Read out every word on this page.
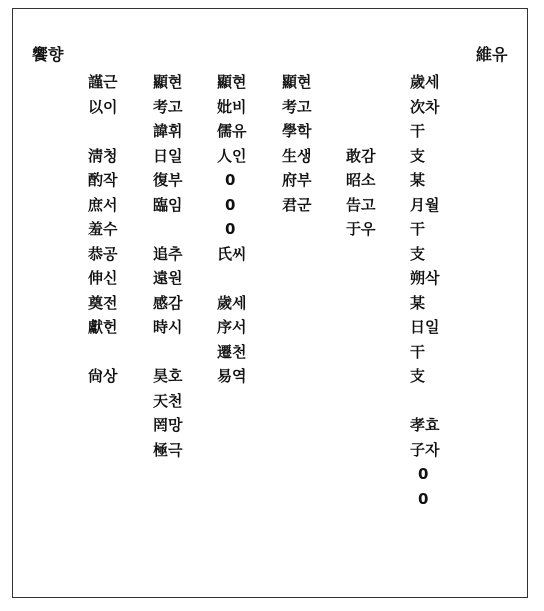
饗향	維유
謹근
以이
淸청
酌작
庶서
羞수
恭공
伸신
奠전
獻헌
尙상
顯현
考고
諱휘
日일
復부
臨임
追추
遠원
感감
時시
昊호
天천
罔망
極극
顯현
妣비
儒유
人인
0
0
0
氏씨
歲세
序서
遷천
易역
顯현
考고
學학
生생
府부
君군
敢감
昭소
告고
于우
歲세
次차
干
支
某
月월
干
支
朔삭
某
日일
干
支
孝효
子자
0
0
